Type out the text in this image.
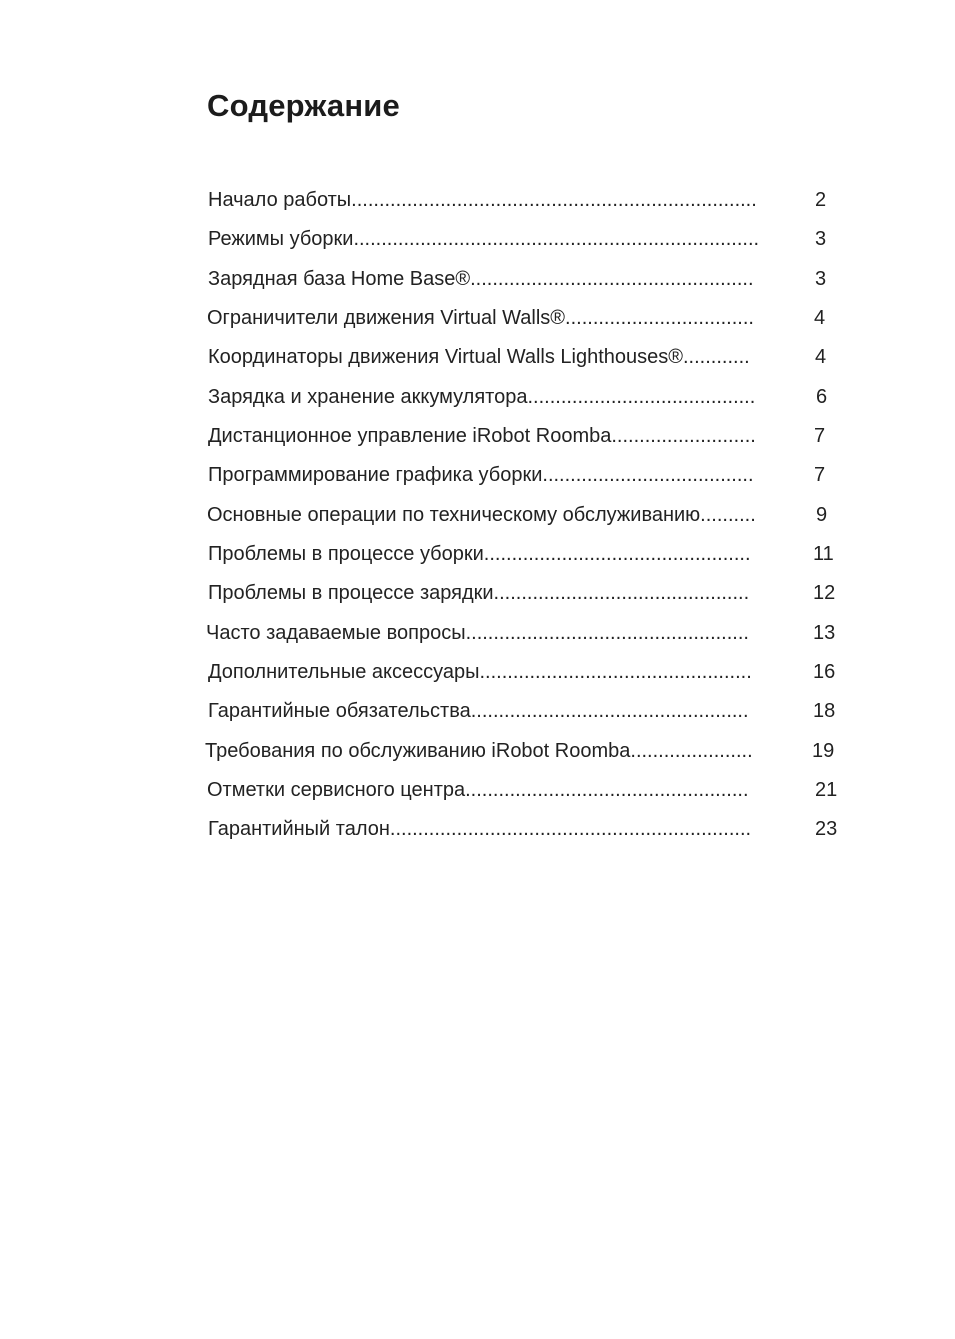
Содержание
Начало работы.........................................................................	2
Режимы уборки.........................................................................	3
Зарядная база Home Base®...................................................	3
Ограничители движения Virtual Walls®..................................	4
Координаторы движения Virtual Walls Lighthouses®............	4
Зарядка и хранение аккумулятора.........................................	6
Дистанционное управление iRobot Roomba..........................	7
Программирование графика уборки......................................	7
Основные операции по техническому обслуживанию..........	9
Проблемы в процессе уборки................................................	11
Проблемы в процессе зарядки..............................................	12
Часто задаваемые вопросы...................................................	13
Дополнительные аксессуары.................................................	16
Гарантийные обязательства..................................................	18
Требования по обслуживанию iRobot Roomba......................	19
Отметки сервисного центра...................................................	21
Гарантийный талон.................................................................	23
